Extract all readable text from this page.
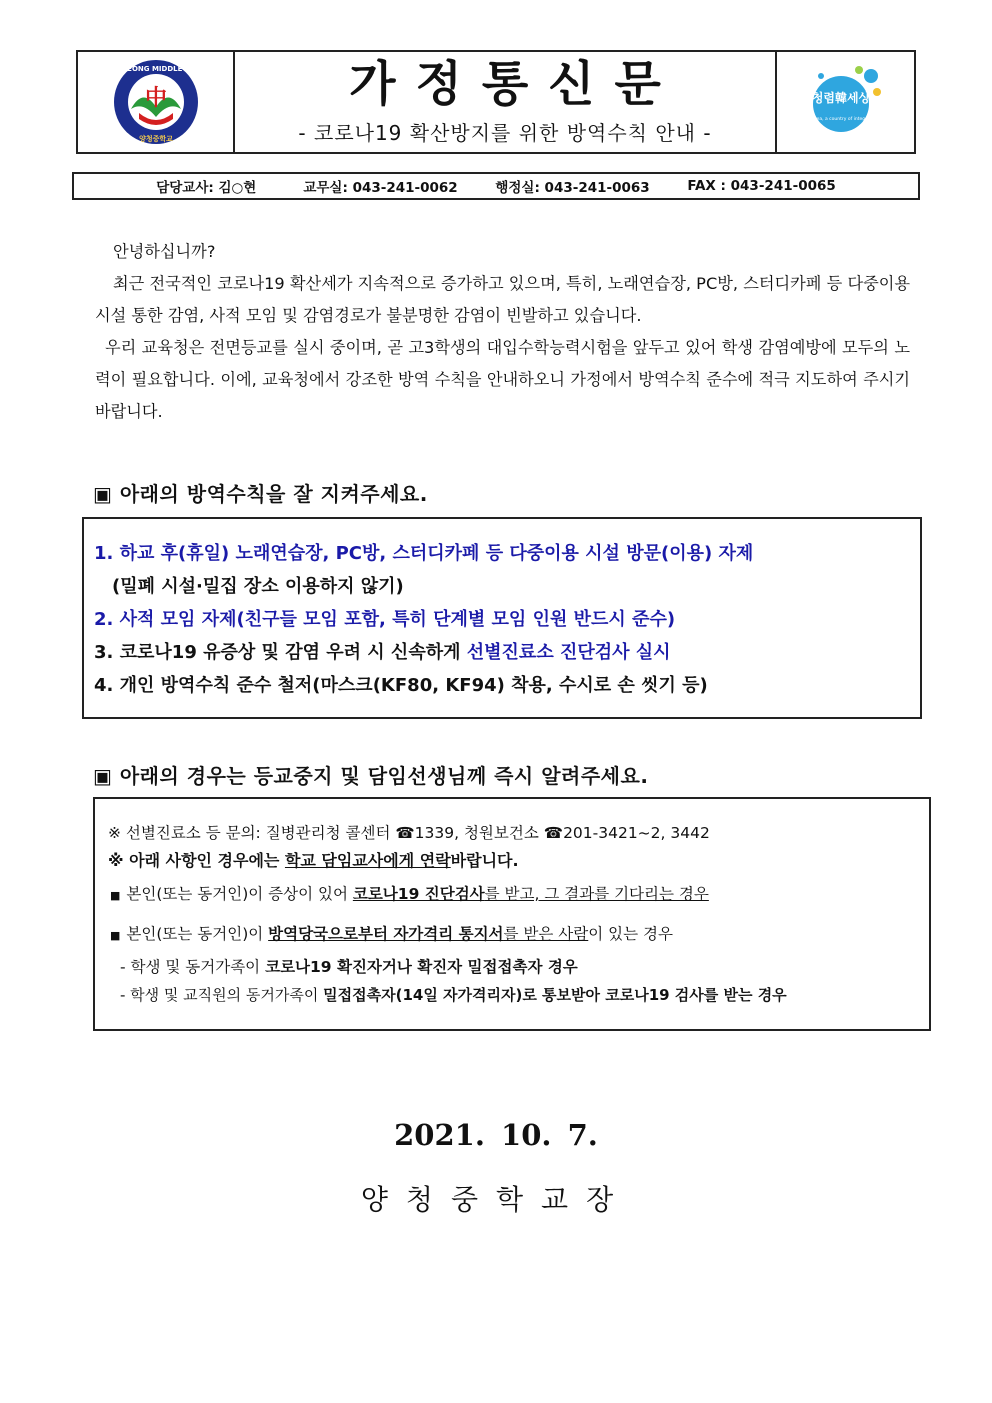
中
YANGCHEONG MIDDLE SCHOOL
양청중학교
가정통신문
- 코로나19 확산방지를 위한 방역수칙 안내 -
청렴韓세상
Korea, a country of integrity
담당교사: 김○현
	교무실: 043-241-0062
	행정실: 043-241-0063
	FAX : 043-241-0065

안녕하십니까?

최근 전국적인 코로나19 확산세가 지속적으로 증가하고 있으며, 특히, 노래연습장, PC방, 스터디카페 등 다중이용시설 통한 감염, 사적 모임 및 감염경로가 불분명한 감염이 빈발하고 있습니다.

우리 교육청은 전면등교를 실시 중이며, 곧 고3학생의 대입수학능력시험을 앞두고 있어 학생 감염예방에 모두의 노력이 필요합니다. 이에, 교육청에서 강조한 방역 수칙을 안내하오니 가정에서 방역수칙 준수에 적극 지도하여 주시기 바랍니다.

▣ 아래의 방역수칙을 잘 지켜주세요.
1. 하교 후(휴일) 노래연습장, PC방, 스터디카페 등 다중이용 시설 방문(이용) 자제
(밀폐 시설·밀집 장소 이용하지 않기)
2. 사적 모임 자제(친구들 모임 포함, 특히 단계별 모임 인원 반드시 준수)
3. 코로나19 유증상 및 감염 우려 시 신속하게 선별진료소 진단검사 실시
4. 개인 방역수칙 준수 철저(마스크(KF80, KF94) 착용, 수시로 손 씻기 등)
▣ 아래의 경우는 등교중지 및 담임선생님께 즉시 알려주세요.
※ 선별진료소 등 문의: 질병관리청 콜센터 ☎1339, 청원보건소 ☎201-3421~2, 3442
※ 아래 사항인 경우에는 학교 담임교사에게 연락바랍니다.
■ 본인(또는 동거인)이 증상이 있어 코로나19 진단검사를 받고, 그 결과를 기다리는 경우
■ 본인(또는 동거인)이 방역당국으로부터 자가격리 통지서를 받은 사람이 있는 경우
- 학생 및 동거가족이 코로나19 확진자거나 확진자 밀접접촉자 경우
- 학생 및 교직원의 동거가족이 밀접접촉자(14일 자가격리자)로 통보받아 코로나19 검사를 받는 경우
2021. 10. 7.
양청중학교장
